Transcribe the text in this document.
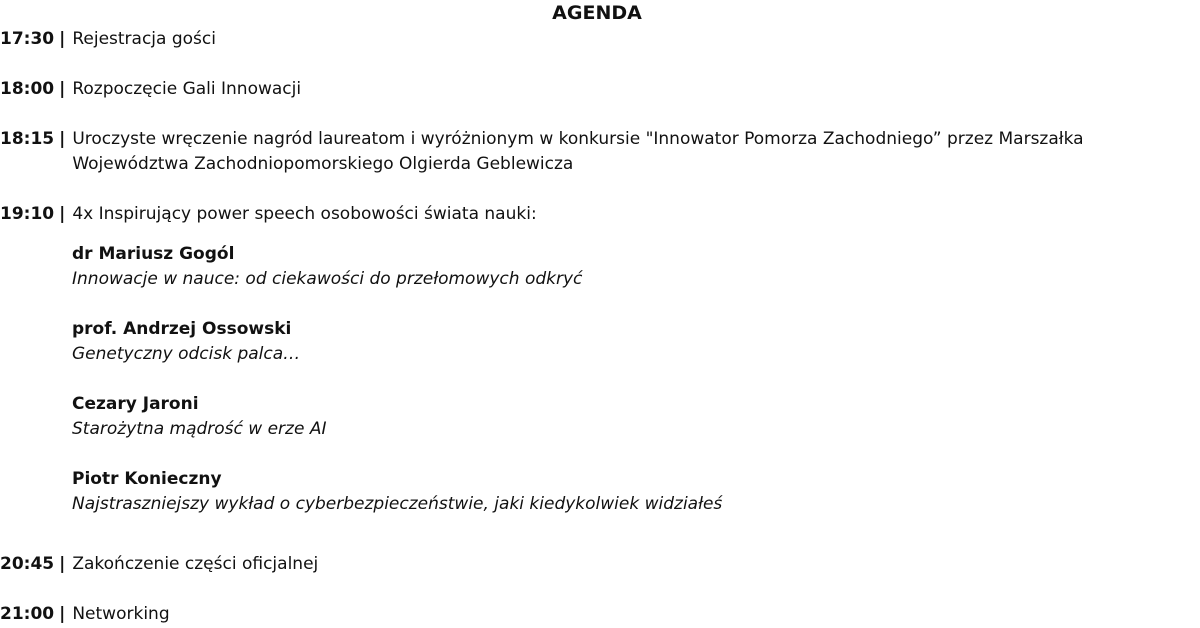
AGENDA
17:30 | Rejestracja gości
18:00 | Rozpoczęcie Gali Innowacji
18:15 | Uroczyste wręczenie nagród laureatom i wyróżnionym w konkursie "Innowator Pomorza Zachodniego” przez Marszałka Województwa Zachodniopomorskiego Olgierda Geblewicza
19:10 | 4x Inspirujący power speech osobowości świata nauki:
dr Mariusz Gogól
Innowacje w nauce: od ciekawości do przełomowych odkryć
prof. Andrzej Ossowski
Genetyczny odcisk palca…
Cezary Jaroni
Starożytna mądrość w erze AI
Piotr Konieczny
Najstraszniejszy wykład o cyberbezpieczeństwie, jaki kiedykolwiek widziałeś
20:45 | Zakończenie części oficjalnej
21:00 | Networking
